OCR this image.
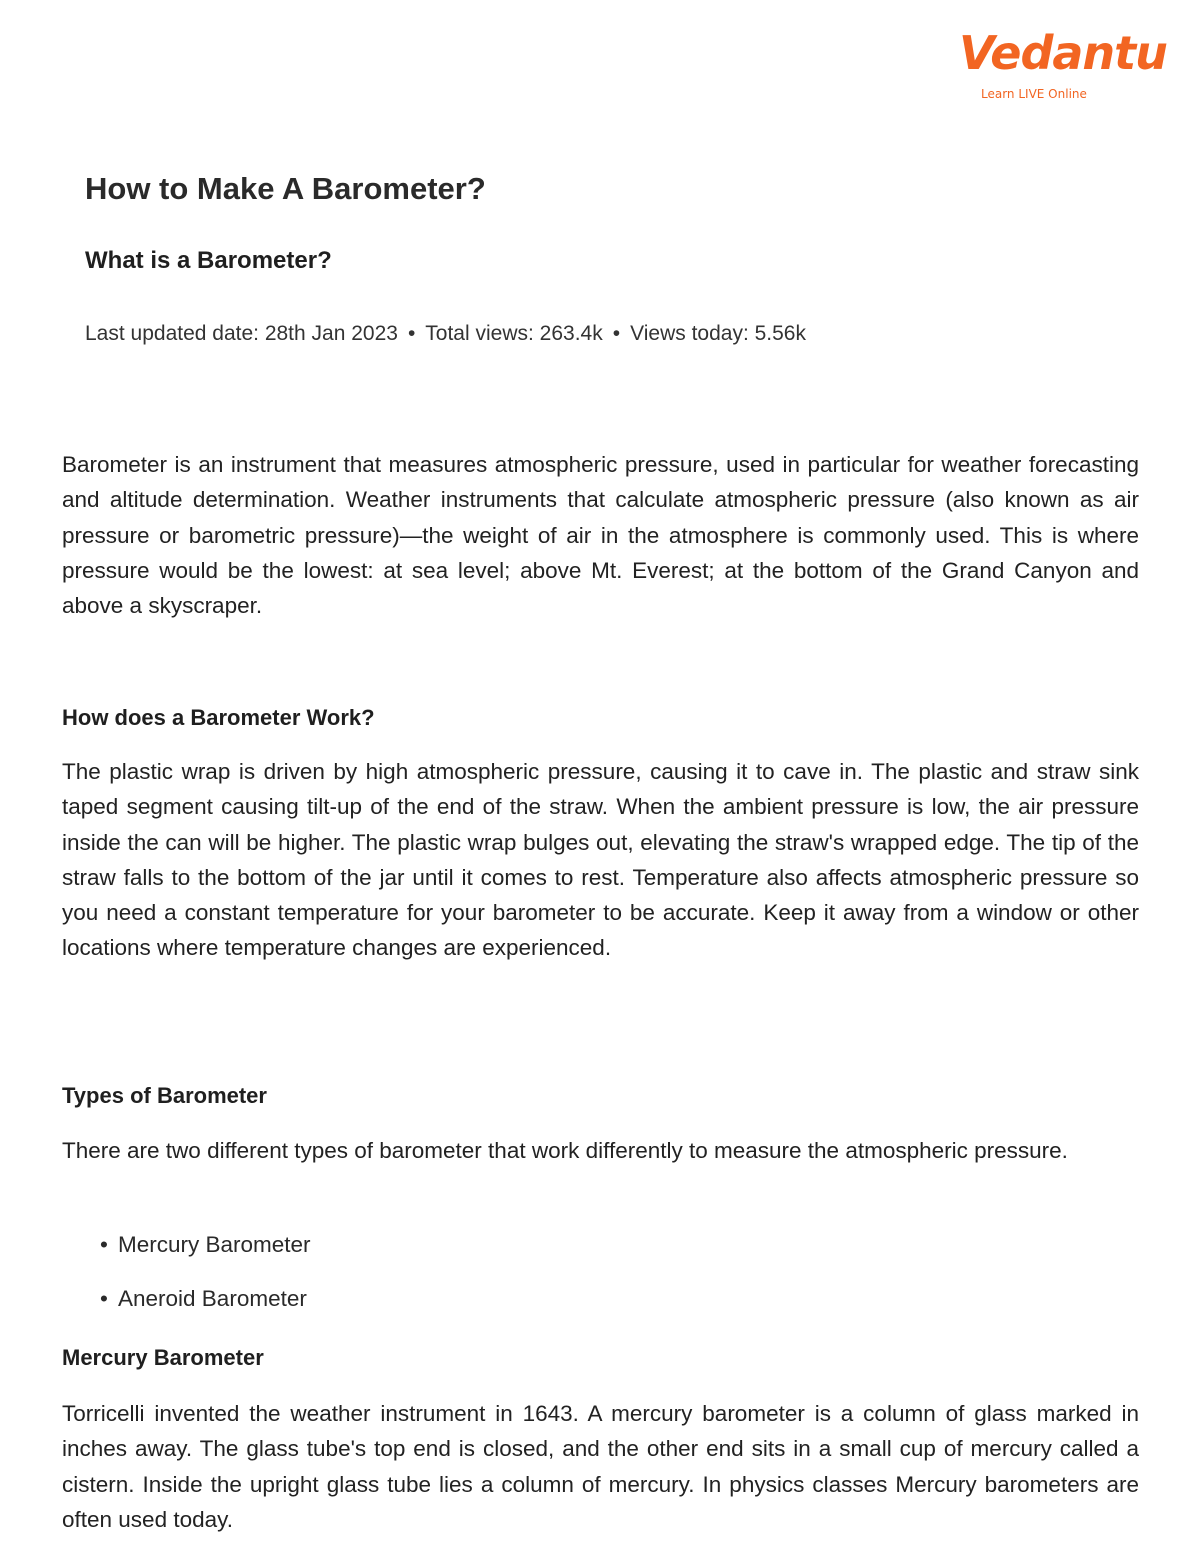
Vedantu
Learn LIVE Online
How to Make A Barometer?
What is a Barometer?
Last updated date: 28th Jan 2023 • Total views: 263.4k • Views today: 5.56k

Barometer is an instrument that measures atmospheric pressure, used in particular for weather forecasting and altitude determination. Weather instruments that calculate atmospheric pressure (also known as air pressure or barometric pressure)—the weight of air in the atmosphere is commonly used. This is where pressure would be the lowest: at sea level; above Mt. Everest; at the bottom of the Grand Canyon and above a skyscraper.

How does a Barometer Work?

The plastic wrap is driven by high atmospheric pressure, causing it to cave in. The plastic and straw sink taped segment causing tilt-up of the end of the straw. When the ambient pressure is low, the air pressure inside the can will be higher. The plastic wrap bulges out, elevating the straw's wrapped edge. The tip of the straw falls to the bottom of the jar until it comes to rest. Temperature also affects atmospheric pressure so you need a constant temperature for your barometer to be accurate. Keep it away from a window or other locations where temperature changes are experienced.

Types of Barometer

There are two different types of barometer that work differently to measure the atmospheric pressure.

• Mercury Barometer
• Aneroid Barometer
Mercury Barometer

Torricelli invented the weather instrument in 1643. A mercury barometer is a column of glass marked in inches away. The glass tube's top end is closed, and the other end sits in a small cup of mercury called a cistern. Inside the upright glass tube lies a column of mercury. In physics classes Mercury barometers are often used today.
